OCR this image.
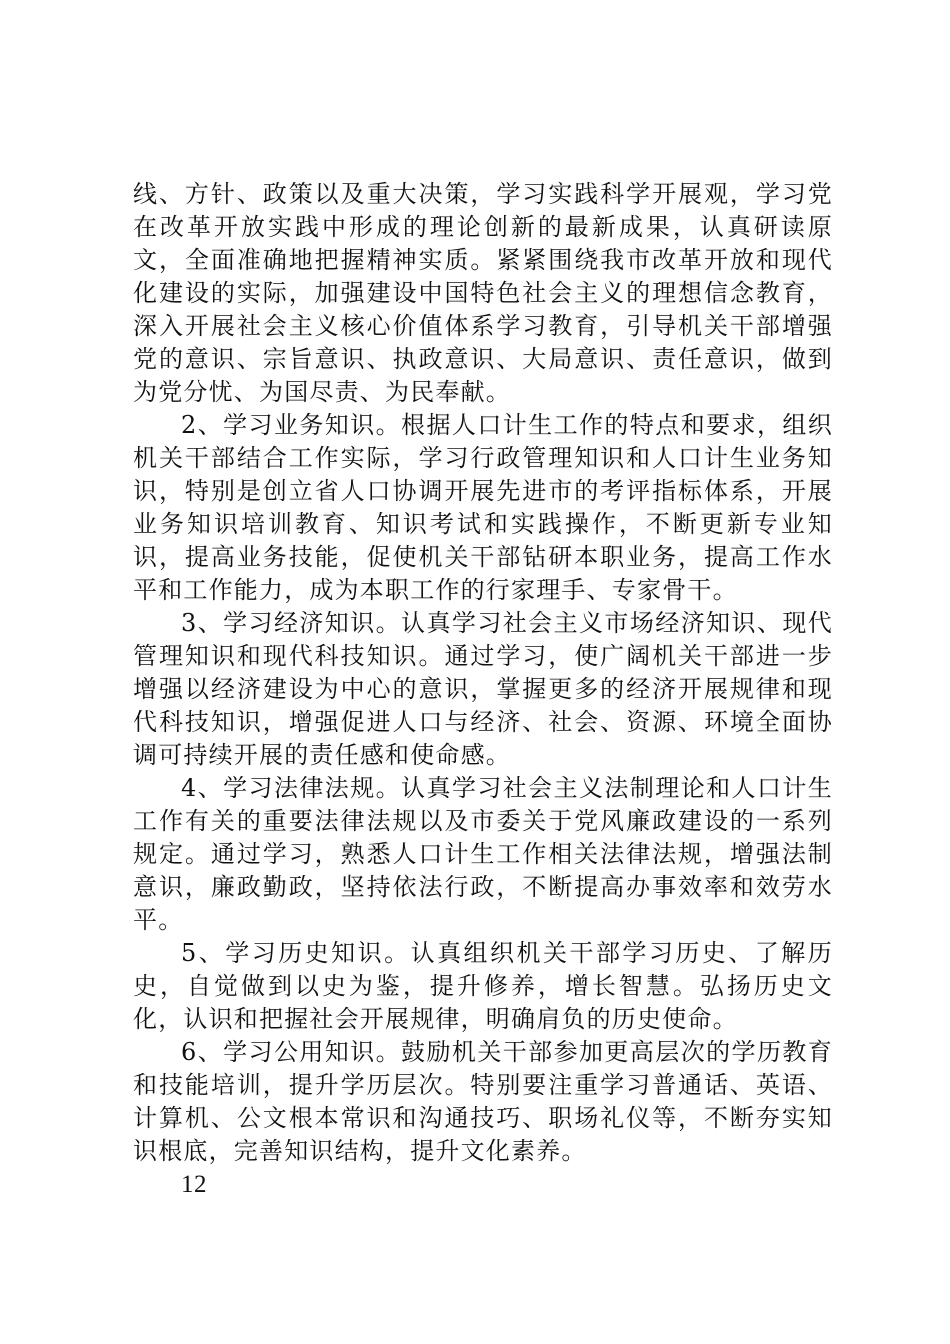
线、方针、政策以及重大决策，学习实践科学开展观，学习党在改革开放实践中形成的理论创新的最新成果，认真研读原文，全面准确地把握精神实质。紧紧围绕我市改革开放和现代化建设的实际，加强建设中国特色社会主义的理想信念教育，深入开展社会主义核心价值体系学习教育，引导机关干部增强党的意识、宗旨意识、执政意识、大局意识、责任意识，做到为党分忧、为国尽责、为民奉献。

2、学习业务知识。根据人口计生工作的特点和要求，组织机关干部结合工作实际，学习行政管理知识和人口计生业务知识，特别是创立省人口协调开展先进市的考评指标体系，开展业务知识培训教育、知识考试和实践操作，不断更新专业知识，提高业务技能，促使机关干部钻研本职业务，提高工作水平和工作能力，成为本职工作的行家理手、专家骨干。

3、学习经济知识。认真学习社会主义市场经济知识、现代管理知识和现代科技知识。通过学习，使广阔机关干部进一步增强以经济建设为中心的意识，掌握更多的经济开展规律和现代科技知识，增强促进人口与经济、社会、资源、环境全面协调可持续开展的责任感和使命感。

4、学习法律法规。认真学习社会主义法制理论和人口计生工作有关的重要法律法规以及市委关于党风廉政建设的一系列规定。通过学习，熟悉人口计生工作相关法律法规，增强法制意识，廉政勤政，坚持依法行政，不断提高办事效率和效劳水平。

5、学习历史知识。认真组织机关干部学习历史、了解历史，自觉做到以史为鉴，提升修养，增长智慧。弘扬历史文化，认识和把握社会开展规律，明确肩负的历史使命。

6、学习公用知识。鼓励机关干部参加更高层次的学历教育和技能培训，提升学历层次。特别要注重学习普通话、英语、计算机、公文根本常识和沟通技巧、职场礼仪等，不断夯实知识根底，完善知识结构，提升文化素养。

12
